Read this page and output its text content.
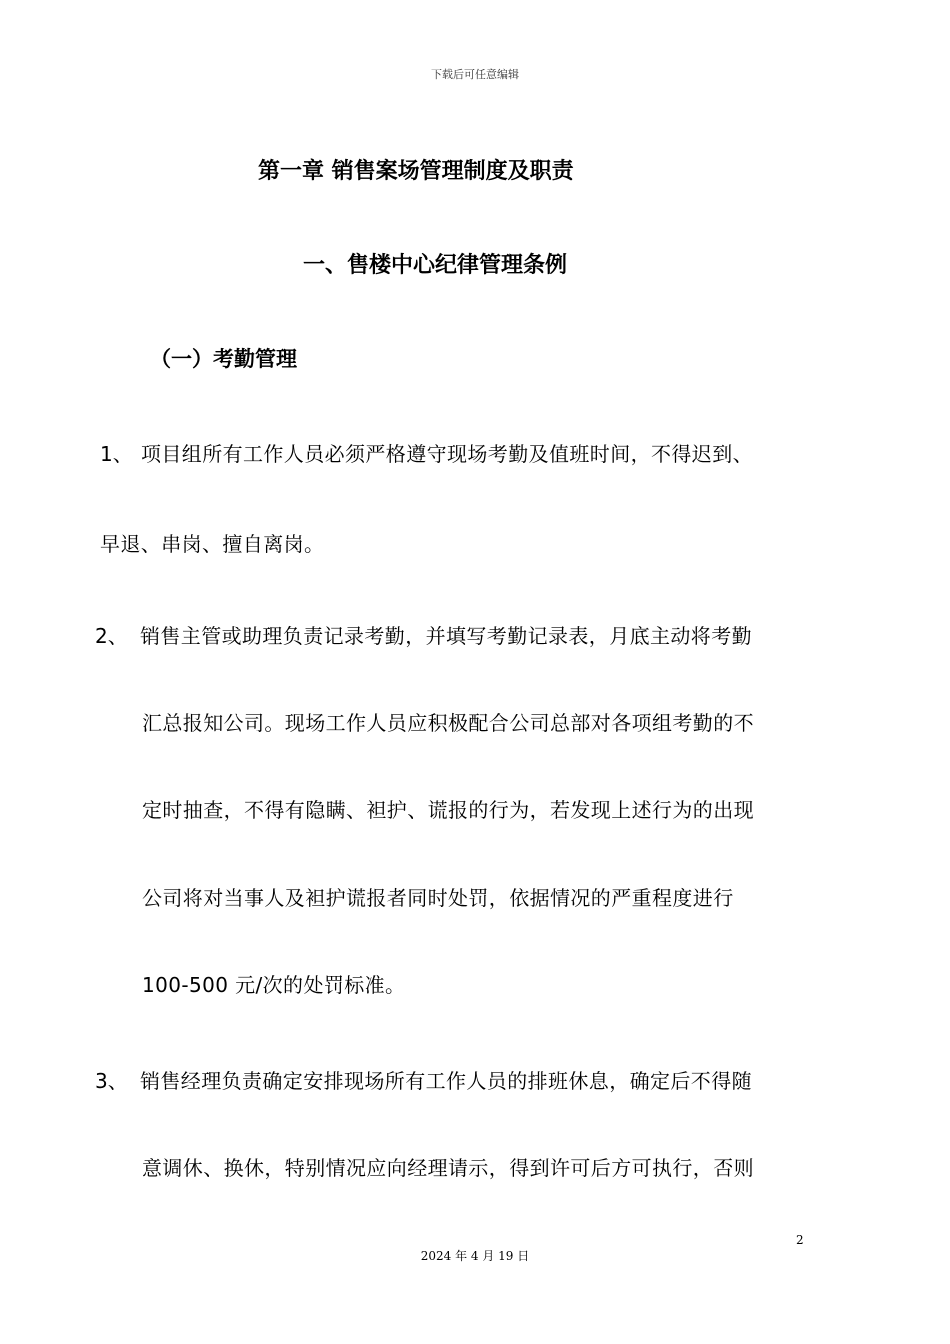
下载后可任意编辑
第一章 销售案场管理制度及职责
一、售楼中心纪律管理条例
（一）考勤管理
1、 项目组所有工作人员必须严格遵守现场考勤及值班时间，不得迟到、
早退、串岗、擅自离岗。
2、 销售主管或助理负责记录考勤，并填写考勤记录表，月底主动将考勤
汇总报知公司。现场工作人员应积极配合公司总部对各项组考勤的不
定时抽查，不得有隐瞒、袒护、谎报的行为，若发现上述行为的出现
公司将对当事人及袒护谎报者同时处罚，依据情况的严重程度进行
100-500 元/次的处罚标准。
3、 销售经理负责确定安排现场所有工作人员的排班休息，确定后不得随
意调休、换休，特别情况应向经理请示，得到许可后方可执行，否则
2
2024 年 4 月 19 日
